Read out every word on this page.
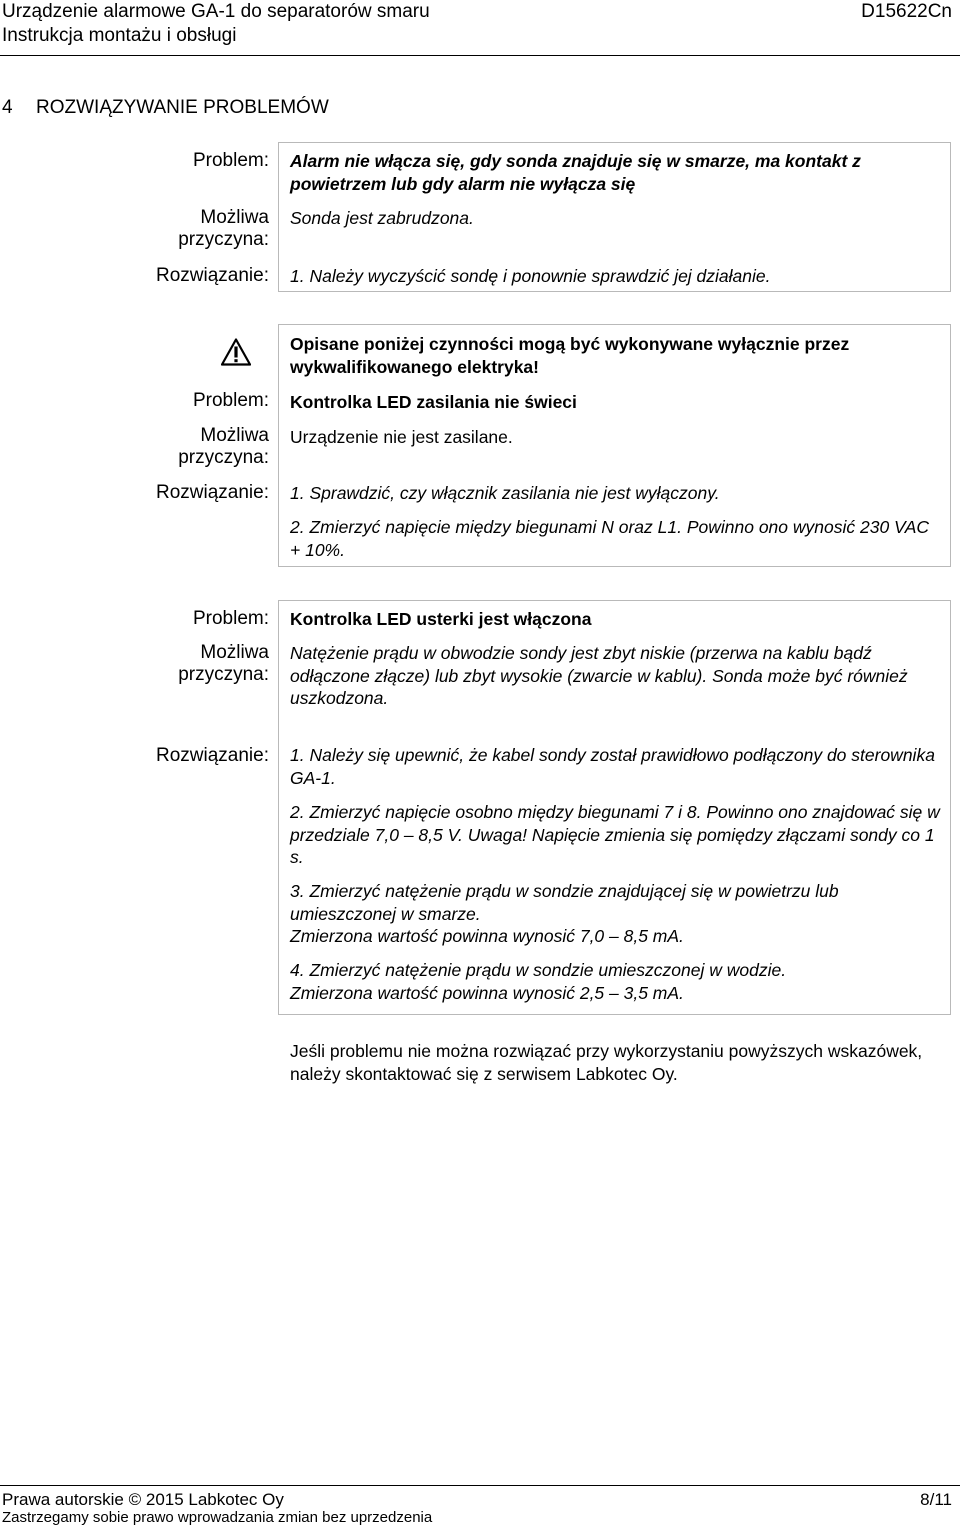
Urządzenie alarmowe GA-1 do separatorów smaru
Instrukcja montażu i obsługi
D15622Cn
4 ROZWIĄZYWANIE PROBLEMÓW
Problem:
Możliwa
przyczyna:
Rozwiązanie:
Alarm nie włącza się, gdy sonda znajduje się w smarze, ma kontakt z powietrzem lub gdy alarm nie wyłącza się
Sonda jest zabrudzona.
1. Należy wyczyścić sondę i ponownie sprawdzić jej działanie.
Problem:
Możliwa
przyczyna:
Rozwiązanie:
Opisane poniżej czynności mogą być wykonywane wyłącznie przez wykwalifikowanego elektryka!
Kontrolka LED zasilania nie świeci
Urządzenie nie jest zasilane.
1. Sprawdzić, czy włącznik zasilania nie jest wyłączony.
2. Zmierzyć napięcie między biegunami N oraz L1. Powinno ono wynosić 230 VAC + 10%.
Problem:
Możliwa
przyczyna:
Rozwiązanie:
Kontrolka LED usterki jest włączona
Natężenie prądu w obwodzie sondy jest zbyt niskie (przerwa na kablu bądź odłączone złącze) lub zbyt wysokie (zwarcie w kablu). Sonda może być również uszkodzona.
1. Należy się upewnić, że kabel sondy został prawidłowo podłączony do sterownika GA-1.
2. Zmierzyć napięcie osobno między biegunami 7 i 8. Powinno ono znajdować się w przedziale 7,0 – 8,5 V. Uwaga! Napięcie zmienia się pomiędzy złączami sondy co 1 s.
3. Zmierzyć natężenie prądu w sondzie znajdującej się w powietrzu lub umieszczonej w smarze.
Zmierzona wartość powinna wynosić 7,0 – 8,5 mA.
4. Zmierzyć natężenie prądu w sondzie umieszczonej w wodzie.
Zmierzona wartość powinna wynosić 2,5 – 3,5 mA.
Jeśli problemu nie można rozwiązać przy wykorzystaniu powyższych wskazówek, należy skontaktować się z serwisem Labkotec Oy.
Prawa autorskie © 2015 Labkotec Oy
Zastrzegamy sobie prawo wprowadzania zmian bez uprzedzenia
8/11
